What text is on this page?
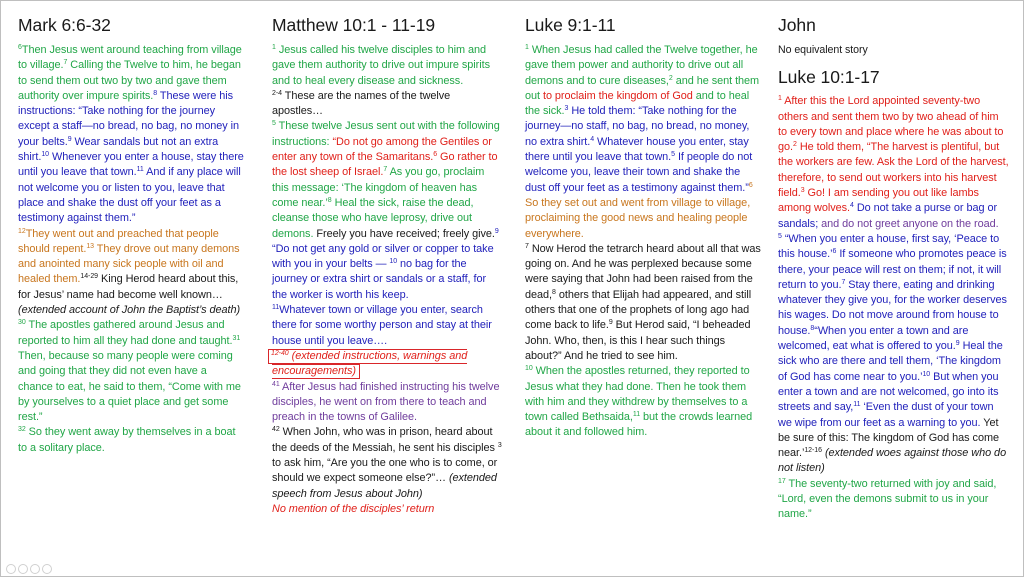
Mark 6:6-32

$^6$Then Jesus went around teaching from village to village.$^7$ Calling the Twelve to him, he began to send them out two by two and gave them authority over impure spirits.$^8$ These were his instructions: “Take nothing for the journey except a staff—no bread, no bag, no money in your belts.$^9$ Wear sandals but not an extra shirt.$^{10}$ Whenever you enter a house, stay there until you leave that town.$^{11}$ And if any place will not welcome you or listen to you, leave that place and shake the dust off your feet as a testimony against them.”

$^{12}$They went out and preached that people should repent.$^{13}$ They drove out many demons and anointed many sick people with oil and healed them.$^{14-29}$ King Herod heard about this, for Jesus’ name had become well known… (extended account of John the Baptist’s death)

$^{30}$ The apostles gathered around Jesus and reported to him all they had done and taught.$^{31}$ Then, because so many people were coming and going that they did not even have a chance to eat, he said to them, “Come with me by yourselves to a quiet place and get some rest.”

$^{32}$ So they went away by themselves in a boat to a solitary place.

Matthew 10:1 - 11-19

$^1$ Jesus called his twelve disciples to him and gave them authority to drive out impure spirits and to heal every disease and sickness.

$^{2-4}$ These are the names of the twelve apostles…

$^5$ These twelve Jesus sent out with the following instructions: “Do not go among the Gentiles or enter any town of the Samaritans.$^6$ Go rather to the lost sheep of Israel.$^7$ As you go, proclaim this message: ‘The kingdom of heaven has come near.’$^8$ Heal the sick, raise the dead, cleanse those who have leprosy, drive out demons. Freely you have received; freely give.$^9$ “Do not get any gold or silver or copper to take with you in your belts — $^{10}$ no bag for the journey or extra shirt or sandals or a staff, for the worker is worth his keep.

$^{11}$Whatever town or village you enter, search there for some worthy person and stay at their house until you leave….

$^{12-40}$ (extended instructions, warnings and encouragements)

$^{41}$ After Jesus had finished instructing his twelve disciples, he went on from there to teach and preach in the towns of Galilee.

$^{42}$ When John, who was in prison, heard about the deeds of the Messiah, he sent his disciples $^3$ to ask him, “Are you the one who is to come, or should we expect someone else?”… (extended speech from Jesus about John)

No mention of the disciples’ return

Luke 9:1-11

$^1$ When Jesus had called the Twelve together, he gave them power and authority to drive out all demons and to cure diseases,$^2$ and he sent them out to proclaim the kingdom of God and to heal the sick.$^3$ He told them: “Take nothing for the journey—no staff, no bag, no bread, no money, no extra shirt.$^4$ Whatever house you enter, stay there until you leave that town.$^5$ If people do not welcome you, leave their town and shake the dust off your feet as a testimony against them.”$^6$ So they set out and went from village to village, proclaiming the good news and healing people everywhere.

$^7$ Now Herod the tetrarch heard about all that was going on. And he was perplexed because some were saying that John had been raised from the dead,$^8$ others that Elijah had appeared, and still others that one of the prophets of long ago had come back to life.$^9$ But Herod said, “I beheaded John. Who, then, is this I hear such things about?” And he tried to see him.

$^{10}$ When the apostles returned, they reported to Jesus what they had done. Then he took them with him and they withdrew by themselves to a town called Bethsaida,$^{11}$ but the crowds learned about it and followed him.

John

No equivalent story

Luke 10:1-17

$^1$ After this the Lord appointed seventy-two others and sent them two by two ahead of him to every town and place where he was about to go.$^2$ He told them, “The harvest is plentiful, but the workers are few. Ask the Lord of the harvest, therefore, to send out workers into his harvest field.$^3$ Go! I am sending you out like lambs among wolves.$^4$ Do not take a purse or bag or sandals; and do not greet anyone on the road.

$^5$ “When you enter a house, first say, ‘Peace to this house.’$^6$ If someone who promotes peace is there, your peace will rest on them; if not, it will return to you.$^7$ Stay there, eating and drinking whatever they give you, for the worker deserves his wages. Do not move around from house to house.$^8$“When you enter a town and are welcomed, eat what is offered to you.$^9$ Heal the sick who are there and tell them, ‘The kingdom of God has come near to you.’$^{10}$ But when you enter a town and are not welcomed, go into its streets and say,$^{11}$ ‘Even the dust of your town we wipe from our feet as a warning to you. Yet be sure of this: The kingdom of God has come near.’$^{12-16}$ (extended woes against those who do not listen)

$^{17}$ The seventy-two returned with joy and said, “Lord, even the demons submit to us in your name.”
